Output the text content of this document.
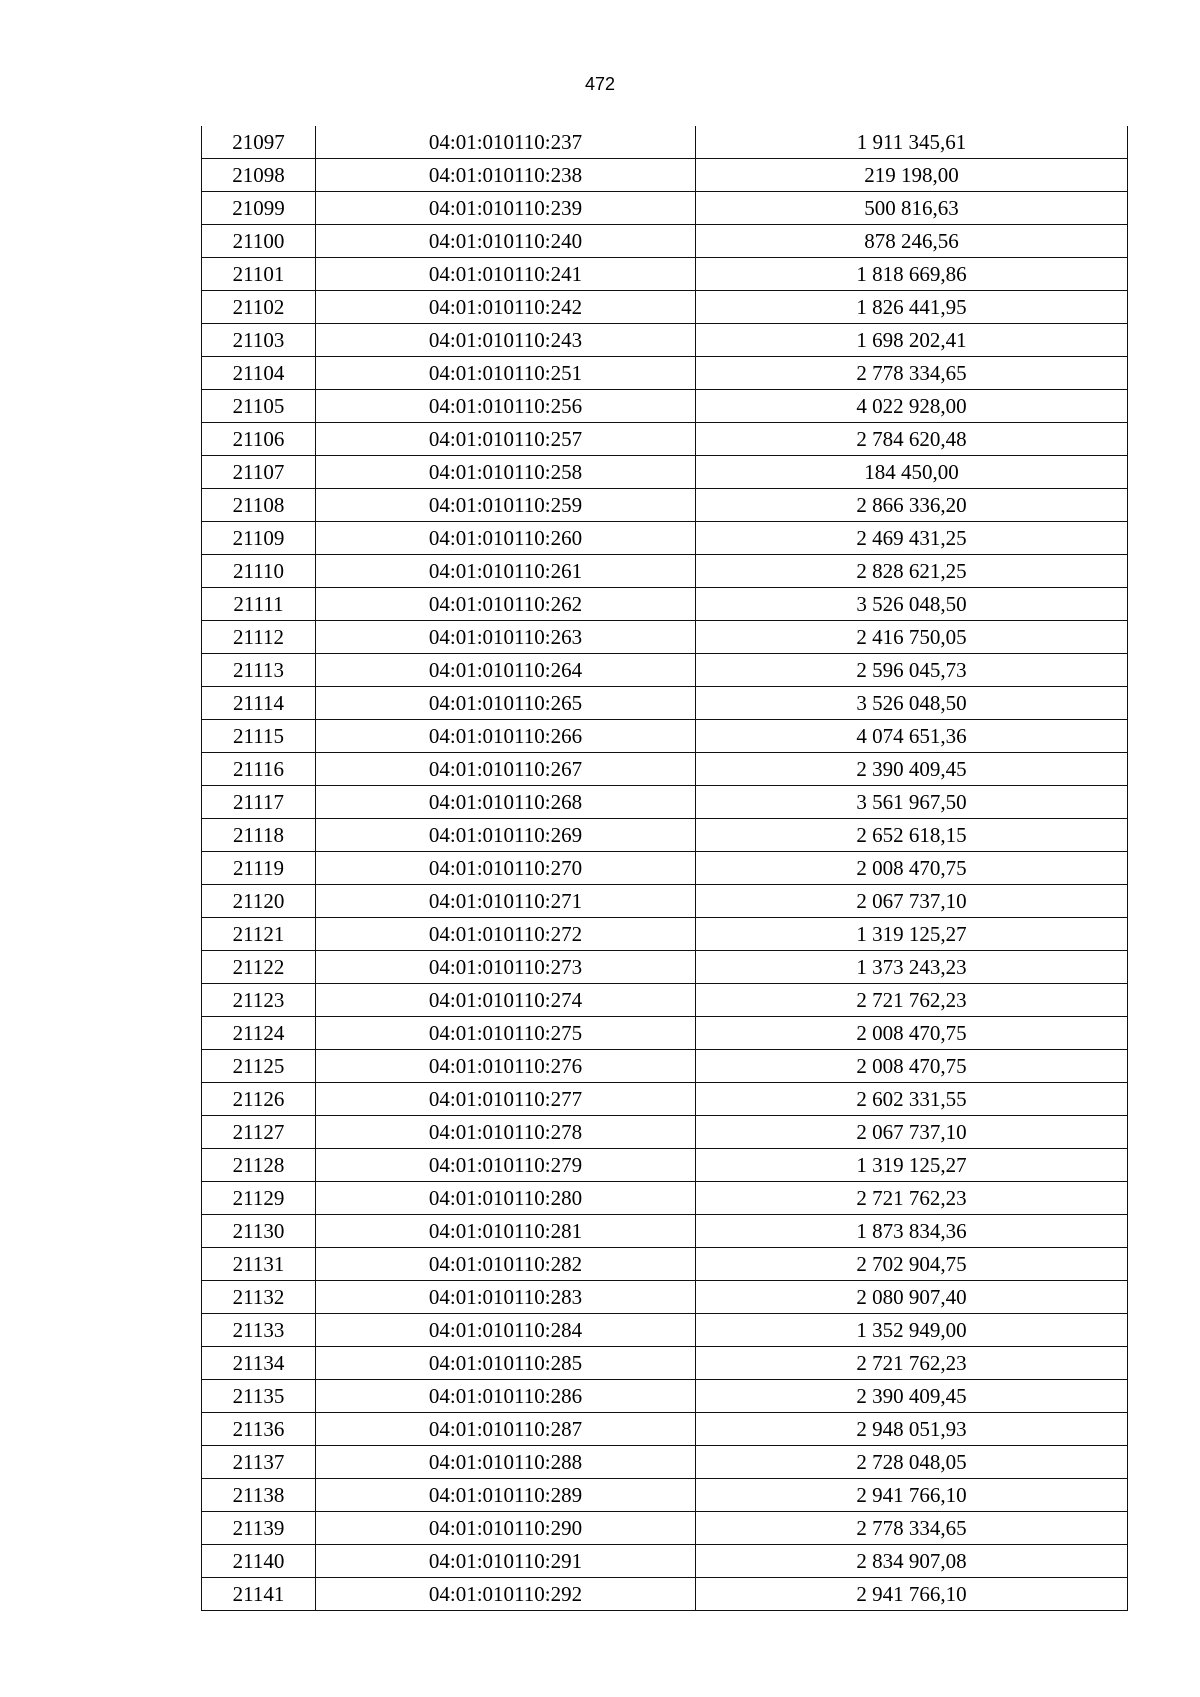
472
21097	04:01:010110:237	1 911 345,61
21098	04:01:010110:238	219 198,00
21099	04:01:010110:239	500 816,63
21100	04:01:010110:240	878 246,56
21101	04:01:010110:241	1 818 669,86
21102	04:01:010110:242	1 826 441,95
21103	04:01:010110:243	1 698 202,41
21104	04:01:010110:251	2 778 334,65
21105	04:01:010110:256	4 022 928,00
21106	04:01:010110:257	2 784 620,48
21107	04:01:010110:258	184 450,00
21108	04:01:010110:259	2 866 336,20
21109	04:01:010110:260	2 469 431,25
21110	04:01:010110:261	2 828 621,25
21111	04:01:010110:262	3 526 048,50
21112	04:01:010110:263	2 416 750,05
21113	04:01:010110:264	2 596 045,73
21114	04:01:010110:265	3 526 048,50
21115	04:01:010110:266	4 074 651,36
21116	04:01:010110:267	2 390 409,45
21117	04:01:010110:268	3 561 967,50
21118	04:01:010110:269	2 652 618,15
21119	04:01:010110:270	2 008 470,75
21120	04:01:010110:271	2 067 737,10
21121	04:01:010110:272	1 319 125,27
21122	04:01:010110:273	1 373 243,23
21123	04:01:010110:274	2 721 762,23
21124	04:01:010110:275	2 008 470,75
21125	04:01:010110:276	2 008 470,75
21126	04:01:010110:277	2 602 331,55
21127	04:01:010110:278	2 067 737,10
21128	04:01:010110:279	1 319 125,27
21129	04:01:010110:280	2 721 762,23
21130	04:01:010110:281	1 873 834,36
21131	04:01:010110:282	2 702 904,75
21132	04:01:010110:283	2 080 907,40
21133	04:01:010110:284	1 352 949,00
21134	04:01:010110:285	2 721 762,23
21135	04:01:010110:286	2 390 409,45
21136	04:01:010110:287	2 948 051,93
21137	04:01:010110:288	2 728 048,05
21138	04:01:010110:289	2 941 766,10
21139	04:01:010110:290	2 778 334,65
21140	04:01:010110:291	2 834 907,08
21141	04:01:010110:292	2 941 766,10
